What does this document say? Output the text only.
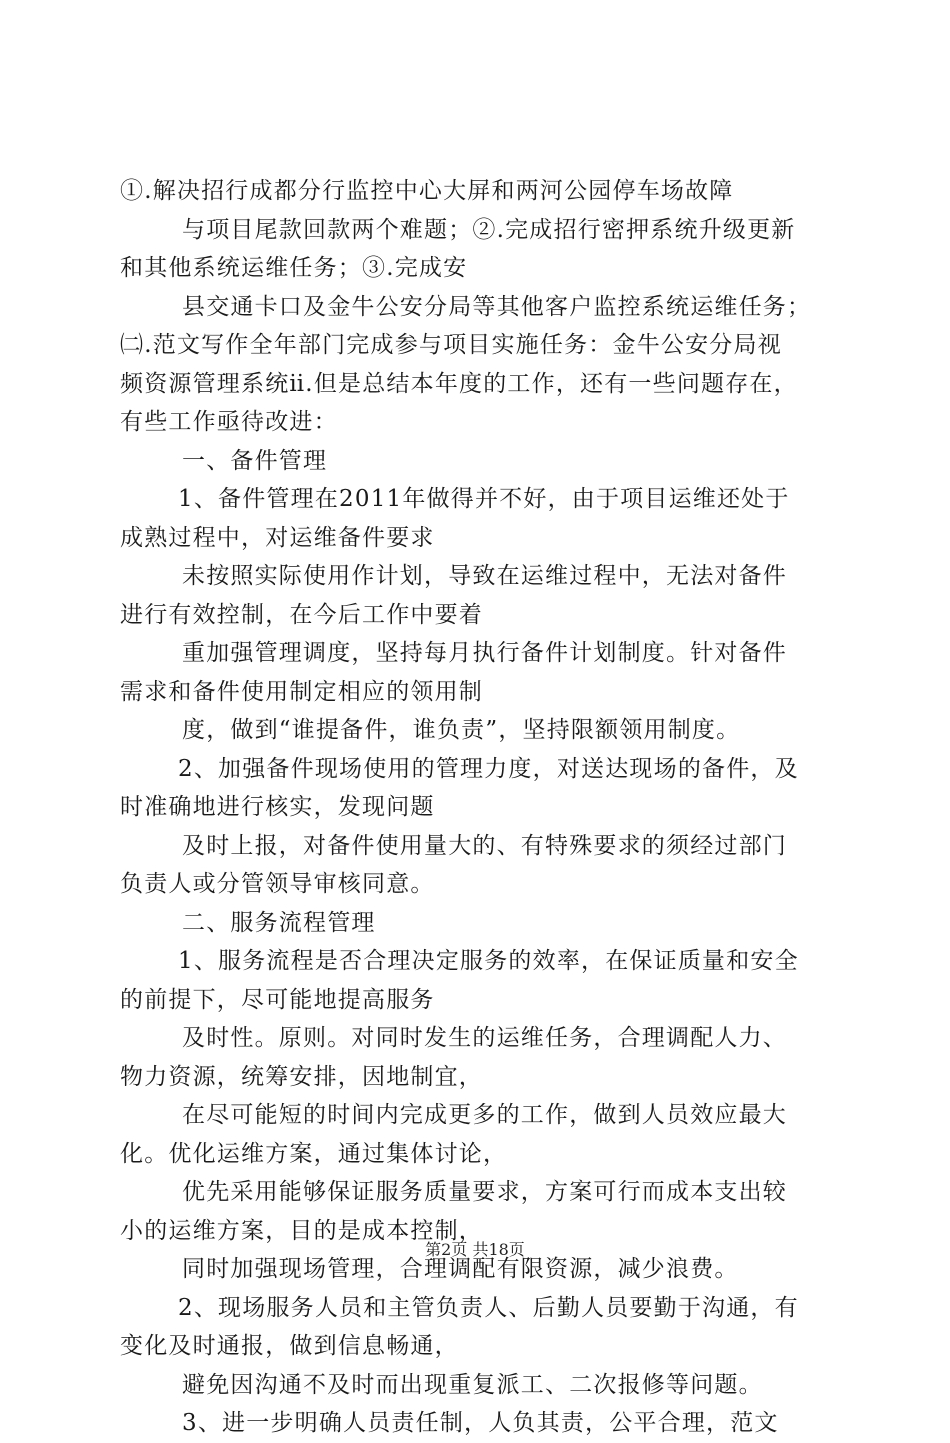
①.解决招行成都分行监控中心大屏和两河公园停车场故障
与项目尾款回款两个难题；②.完成招行密押系统升级更新
和其他系统运维任务；③.完成安
县交通卡口及金牛公安分局等其他客户监控系统运维任务；
㈡.范文写作全年部门完成参与项目实施任务：金牛公安分局视
频资源管理系统ⅱ.但是总结本年度的工作，还有一些问题存在，
有些工作亟待改进：
一、备件管理
1、备件管理在2011年做得并不好，由于项目运维还处于
成熟过程中，对运维备件要求
未按照实际使用作计划，导致在运维过程中，无法对备件
进行有效控制，在今后工作中要着
重加强管理调度，坚持每月执行备件计划制度。针对备件
需求和备件使用制定相应的领用制
度，做到“谁提备件，谁负责”，坚持限额领用制度。
2、加强备件现场使用的管理力度，对送达现场的备件，及
时准确地进行核实，发现问题
及时上报，对备件使用量大的、有特殊要求的须经过部门
负责人或分管领导审核同意。
二、服务流程管理
1、服务流程是否合理决定服务的效率，在保证质量和安全
的前提下，尽可能地提高服务
及时性。原则。对同时发生的运维任务，合理调配人力、
物力资源，统筹安排，因地制宜，
在尽可能短的时间内完成更多的工作，做到人员效应最大
化。优化运维方案，通过集体讨论，
优先采用能够保证服务质量要求，方案可行而成本支出较
小的运维方案，目的是成本控制，
同时加强现场管理，合理调配有限资源，减少浪费。
2、现场服务人员和主管负责人、后勤人员要勤于沟通，有
变化及时通报，做到信息畅通，
避免因沟通不及时而出现重复派工、二次报修等问题。
3、进一步明确人员责任制，人负其责，公平合理，范文
第2页 共18页
